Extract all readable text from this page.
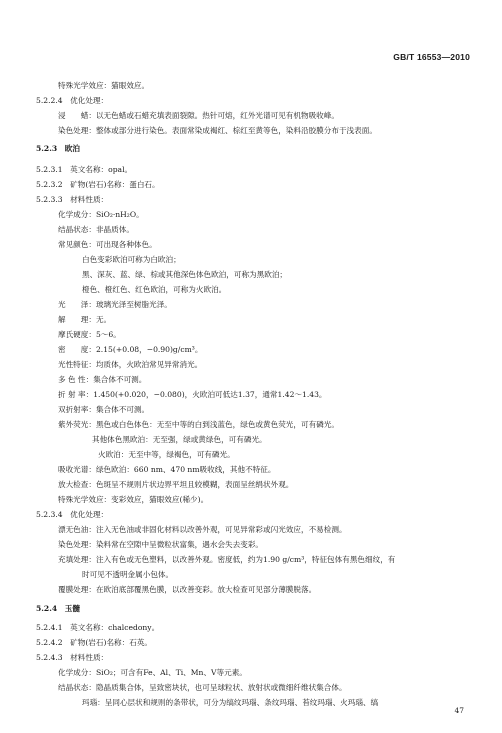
GB/T 16553—2010
特殊光学效应：猫眼效应。
5.2.2.4　优化处理：
浸　　蜡：以无色蜡或石蜡充填表面裂隙。热针可熔，红外光谱可见有机物吸收峰。
染色处理：整体或部分进行染色。表面常染成褐红、棕红至黄等色，染料沿胶膜分布于浅表面。
5.2.3　欧泊
5.2.3.1　英文名称：opal。
5.2.3.2　矿物(岩石)名称：蛋白石。
5.2.3.3　材料性质：
化学成分：SiO₂·nH₂O。
结晶状态：非晶质体。
常见颜色：可出现各种体色。
白色变彩欧泊可称为白欧泊；
黑、深灰、蓝、绿、棕或其他深色体色欧泊，可称为黑欧泊；
橙色、橙红色、红色欧泊，可称为火欧泊。
光　　泽：玻璃光泽至树脂光泽。
解　　理：无。
摩氏硬度：5～6。
密　　度：2.15(+0.08，−0.90)g/cm³。
光性特征：均质体，火欧泊常见异常消光。
多 色 性：集合体不可测。
折 射 率：1.450(+0.020，−0.080)，火欧泊可低达1.37，通常1.42～1.43。
双折射率：集合体不可测。
紫外荧光：黑色或白色体色：无至中等的白到浅蓝色，绿色或黄色荧光，可有磷光。
其他体色黑欧泊：无至强，绿或黄绿色，可有磷光。
火欧泊：无至中等，绿褐色，可有磷光。
吸收光谱：绿色欧泊：660 nm、470 nm吸收线，其他不特征。
放大检查：色斑呈不规则片状边界平坦且较模糊，表面呈丝绢状外观。
特殊光学效应：变彩效应，猫眼效应(稀少)。
5.2.3.4　优化处理：
漂无色油：注入无色油或非固化材料以改善外观，可见异常彩或闪光效应，不易检测。
染色处理：染料常在空隙中呈微粒状富集，遇水会失去变彩。
充填处理：注入有色或无色塑料，以改善外观。密度低，约为1.90 g/cm³，特征包体有黑色细纹，有
时可见不透明金属小包体。
覆膜处理：在欧泊底部覆黑色膜，以改善变彩。放大检查可见部分薄膜脱落。
5.2.4　玉髓
5.2.4.1　英文名称：chalcedony。
5.2.4.2　矿物(岩石)名称：石英。
5.2.4.3　材料性质：
化学成分：SiO₂；可含有Fe、Al、Ti、Mn、V等元素。
结晶状态：隐晶质集合体，呈致密块状，也可呈球粒状、放射状或微细纤维状集合体。
玛瑙：呈同心层状和规则的条带状，可分为缟纹玛瑙、条纹玛瑙、苔纹玛瑙、火玛瑙、缟
47
